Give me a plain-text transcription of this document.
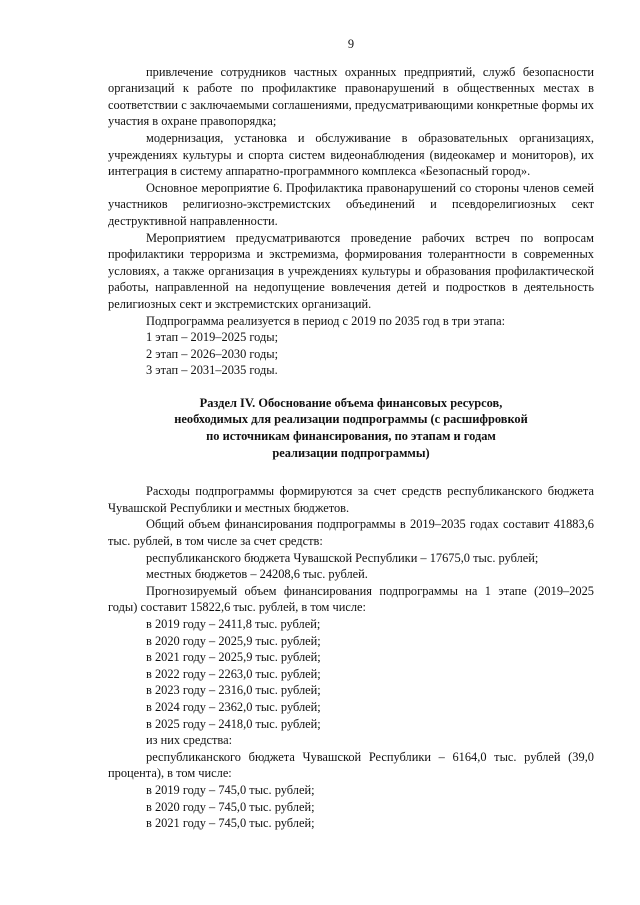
9

привлечение сотрудников частных охранных предприятий, служб безопасности организаций к работе по профилактике правонарушений в общественных местах в соответствии с заключаемыми соглашениями, предусматривающими конкретные формы их участия в охране правопорядка;

модернизация, установка и обслуживание в образовательных организациях, учреждениях культуры и спорта систем видеонаблюдения (видеокамер и мониторов), их интеграция в систему аппаратно-программного комплекса «Безопасный город».

Основное мероприятие 6. Профилактика правонарушений со стороны членов семей участников религиозно-экстремистских объединений и псевдорелигиозных сект деструктивной направленности.

Мероприятием предусматриваются проведение рабочих встреч по вопросам профилактики терроризма и экстремизма, формирования толерантности в современных условиях, а также организация в учреждениях культуры и образования профилактической работы, направленной на недопущение вовлечения детей и подростков в деятельность религиозных сект и экстремистских организаций.

Подпрограмма реализуется в период с 2019 по 2035 год в три этапа:

1 этап – 2019–2025 годы;

2 этап – 2026–2030 годы;

3 этап – 2031–2035 годы.

Раздел IV. Обоснование объема финансовых ресурсов,
необходимых для реализации подпрограммы (с расшифровкой
по источникам финансирования, по этапам и годам
реализации подпрограммы)

Расходы подпрограммы формируются за счет средств республиканского бюджета Чувашской Республики и местных бюджетов.

Общий объем финансирования подпрограммы в 2019–2035 годах составит 41883,6 тыс. рублей, в том числе за счет средств:

республиканского бюджета Чувашской Республики – 17675,0 тыс. рублей;

местных бюджетов – 24208,6 тыс. рублей.

Прогнозируемый объем финансирования подпрограммы на 1 этапе (2019–2025 годы) составит 15822,6 тыс. рублей, в том числе:

в 2019 году – 2411,8 тыс. рублей;

в 2020 году – 2025,9 тыс. рублей;

в 2021 году – 2025,9 тыс. рублей;

в 2022 году – 2263,0 тыс. рублей;

в 2023 году – 2316,0 тыс. рублей;

в 2024 году – 2362,0 тыс. рублей;

в 2025 году – 2418,0 тыс. рублей;

из них средства:

республиканского бюджета Чувашской Республики – 6164,0 тыс. рублей (39,0 процента), в том числе:

в 2019 году – 745,0 тыс. рублей;

в 2020 году – 745,0 тыс. рублей;

в 2021 году – 745,0 тыс. рублей;
